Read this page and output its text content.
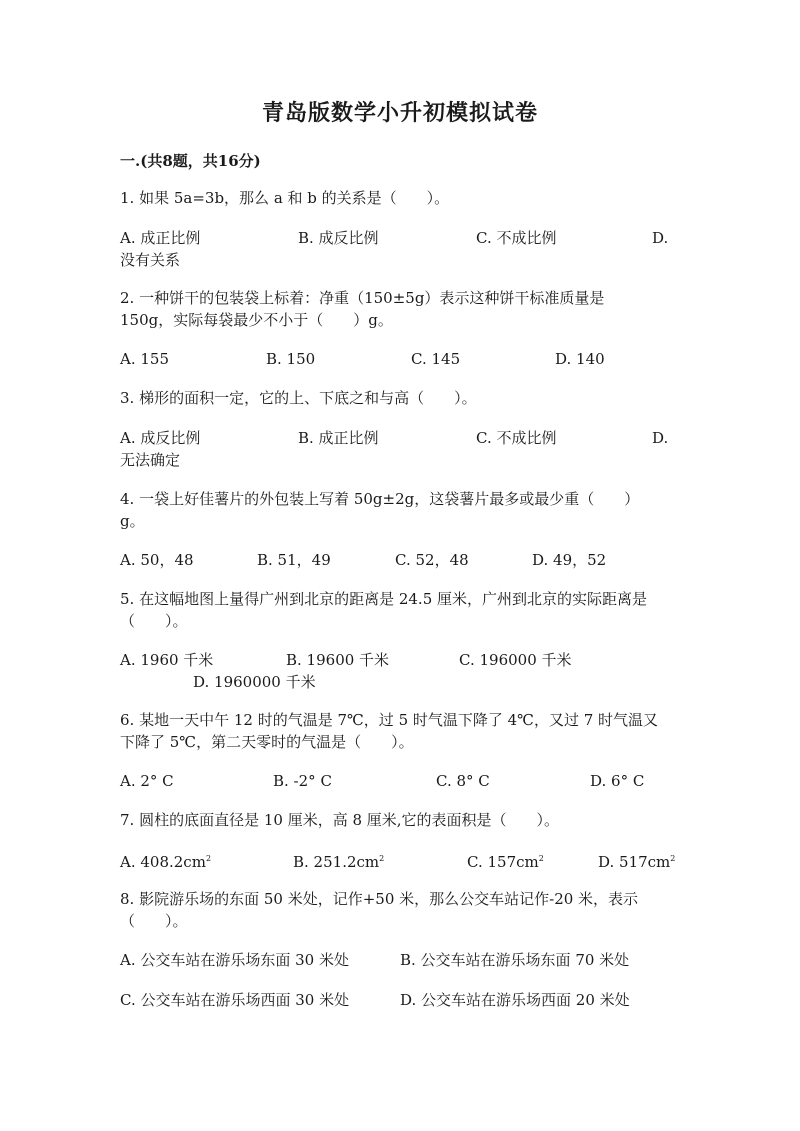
青岛版数学小升初模拟试卷
一.(共8题，共16分)
1. 如果 5a=3b，那么 a 和 b 的关系是（　　）。
A. 成正比例	B. 成反比例	C. 不成比例	D.
没有关系
2. 一种饼干的包装袋上标着：净重（150±5g）表示这种饼干标准质量是
150g，实际每袋最少不小于（　　）g。
A. 155	B. 150	C. 145	D. 140
3. 梯形的面积一定，它的上、下底之和与高（　　）。
A. 成反比例	B. 成正比例	C. 不成比例	D.
无法确定
4. 一袋上好佳薯片的外包装上写着 50g±2g，这袋薯片最多或最少重（　　）
g。
A. 50，48	B. 51，49	C. 52，48	D. 49，52
5. 在这幅地图上量得广州到北京的距离是 24.5 厘米，广州到北京的实际距离是
（　　）。
A. 1960 千米	B. 19600 千米	C. 196000 千米
D. 1960000 千米
6. 某地一天中午 12 时的气温是 7℃，过 5 时气温下降了 4℃，又过 7 时气温又
下降了 5℃，第二天零时的气温是（　　）。
A. 2° C	B. -2° C	C. 8° C	D. 6° C
7. 圆柱的底面直径是 10 厘米，高 8 厘米,它的表面积是（　　）。
A. $408.2cm^2$	B. $251.2cm^2$	C. $157cm^2$	D. $517cm^2$
8. 影院游乐场的东面 50 米处，记作+50 米，那么公交车站记作-20 米，表示
（　　）。
A. 公交车站在游乐场东面 30 米处	B. 公交车站在游乐场东面 70 米处
C. 公交车站在游乐场西面 30 米处	D. 公交车站在游乐场西面 20 米处
